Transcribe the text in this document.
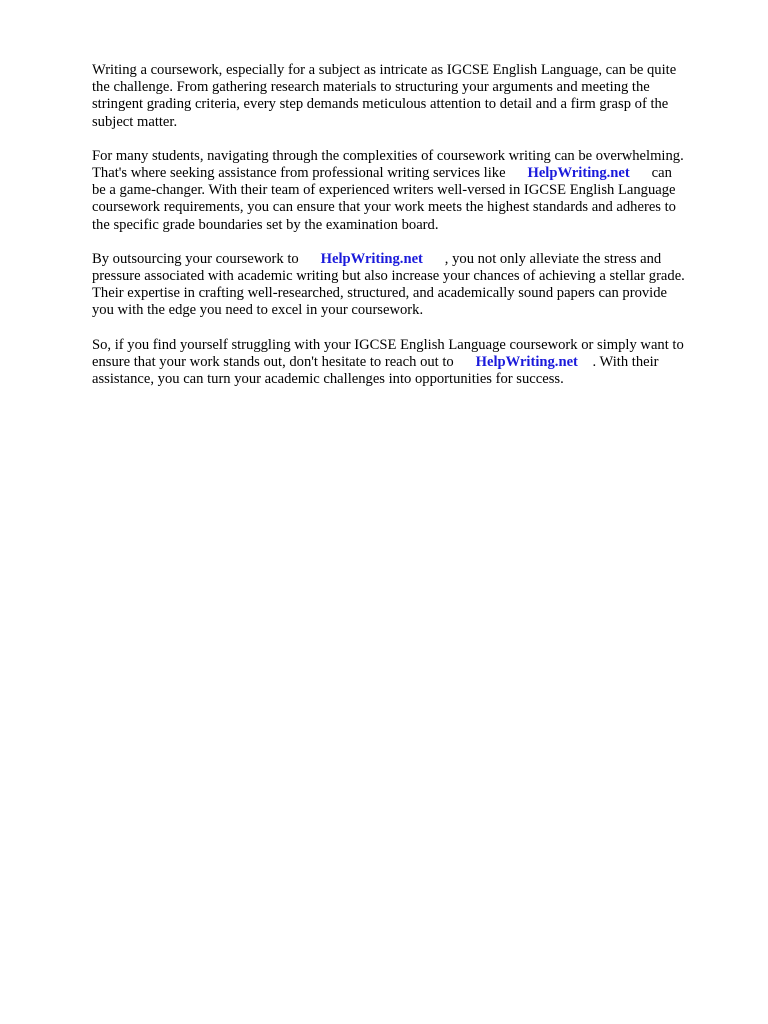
Writing a coursework, especially for a subject as intricate as IGCSE English Language, can be quite
the challenge. From gathering research materials to structuring your arguments and meeting the
stringent grading criteria, every step demands meticulous attention to detail and a firm grasp of the
subject matter.

For many students, navigating through the complexities of coursework writing can be overwhelming.
That's where seeking assistance from professional writing services like HelpWriting.net can
be a game-changer. With their team of experienced writers well-versed in IGCSE English Language
coursework requirements, you can ensure that your work meets the highest standards and adheres to
the specific grade boundaries set by the examination board.

By outsourcing your coursework to HelpWriting.net , you not only alleviate the stress and
pressure associated with academic writing but also increase your chances of achieving a stellar grade.
Their expertise in crafting well-researched, structured, and academically sound papers can provide
you with the edge you need to excel in your coursework.

So, if you find yourself struggling with your IGCSE English Language coursework or simply want to
ensure that your work stands out, don't hesitate to reach out to HelpWriting.net . With their
assistance, you can turn your academic challenges into opportunities for success.
